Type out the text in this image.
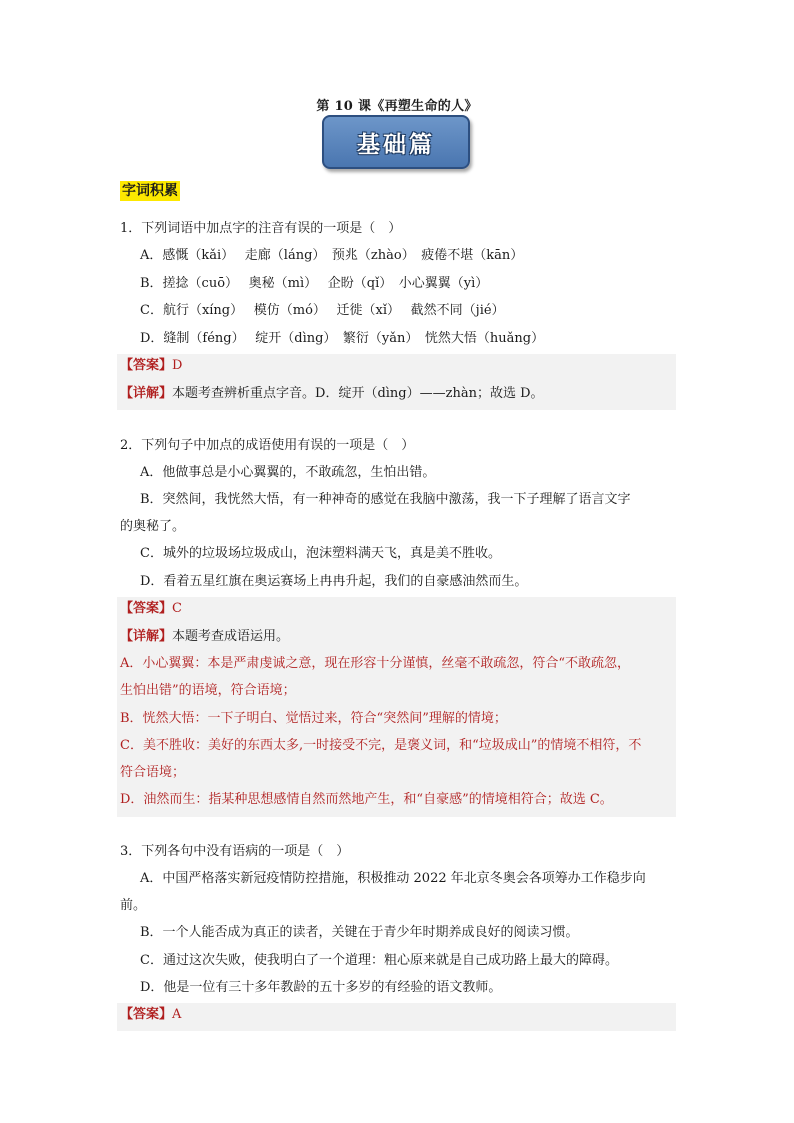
第 10 课《再塑生命的人》
基础篇
字词积累
1．下列词语中加点字的注音有误的一项是（　）
A．感慨（kǎi）　 走廊（láng）　预兆（zhào）　疲倦不堪（kān）
B．搓捻（cuō）　 奥秘（mì）　 企盼（qǐ）　小心翼翼（yì）
C．航行（xíng）　 模仿（mó）　 迁徙（xǐ）　 截然不同（jié）
D．缝制（féng）　 绽开（dìng）　繁衍（yǎn）　恍然大悟（huǎng）
【答案】D
【详解】本题考查辨析重点字音。D．绽开（dìng）——zhàn；故选 D。
2．下列句子中加点的成语使用有误的一项是（　）
A．他做事总是小心翼翼的，不敢疏忽，生怕出错。
B．突然间，我恍然大悟，有一种神奇的感觉在我脑中激荡，我一下子理解了语言文字
的奥秘了。
C．城外的垃圾场垃圾成山，泡沫塑料满天飞，真是美不胜收。
D．看着五星红旗在奥运赛场上冉冉升起，我们的自豪感油然而生。
【答案】C
【详解】本题考查成语运用。
A．小心翼翼：本是严肃虔诚之意，现在形容十分谨慎，丝毫不敢疏忽，符合“不敢疏忽，
生怕出错”的语境，符合语境；
B．恍然大悟：一下子明白、觉悟过来，符合“突然间”理解的情境；
C．美不胜收：美好的东西太多,一时接受不完，是褒义词，和“垃圾成山”的情境不相符，不
符合语境；
D．油然而生：指某种思想感情自然而然地产生，和“自豪感”的情境相符合；故选 C。
3．下列各句中没有语病的一项是（　）
A．中国严格落实新冠疫情防控措施，积极推动 2022 年北京冬奥会各项筹办工作稳步向
前。
B．一个人能否成为真正的读者，关键在于青少年时期养成良好的阅读习惯。
C．通过这次失败，使我明白了一个道理：粗心原来就是自己成功路上最大的障碍。
D．他是一位有三十多年教龄的五十多岁的有经验的语文教师。
【答案】A
